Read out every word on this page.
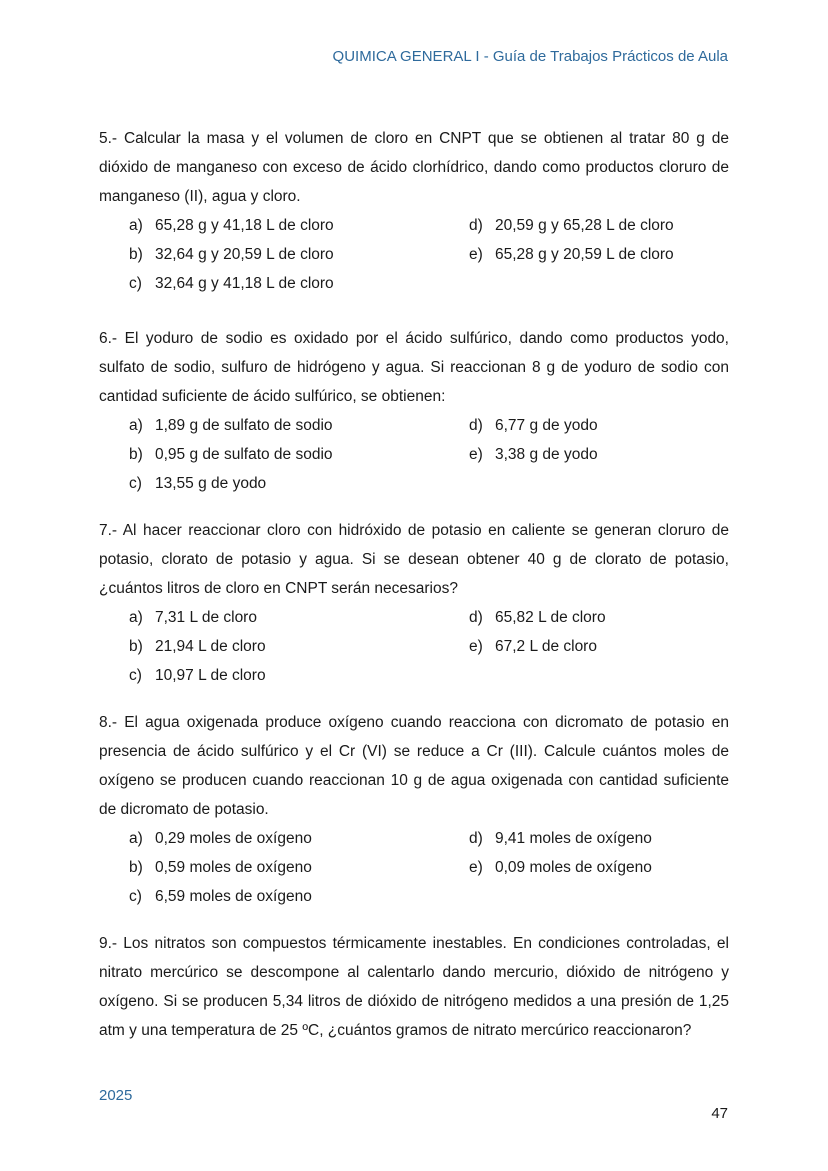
QUIMICA GENERAL I - Guía de Trabajos Prácticos de Aula

5.- Calcular la masa y el volumen de cloro en CNPT que se obtienen al tratar 80 g de dióxido de manganeso con exceso de ácido clorhídrico, dando como productos cloruro de manganeso (II), agua y cloro.

a) 65,28 g y 41,18 L de cloro
b) 32,64 g y 20,59 L de cloro
c) 32,64 g y 41,18 L de cloro
d) 20,59 g y 65,28 L de cloro
e) 65,28 g y 20,59 L de cloro

6.- El yoduro de sodio es oxidado por el ácido sulfúrico, dando como productos yodo, sulfato de sodio, sulfuro de hidrógeno y agua. Si reaccionan 8 g de yoduro de sodio con cantidad suficiente de ácido sulfúrico, se obtienen:

a) 1,89 g de sulfato de sodio
b) 0,95 g de sulfato de sodio
c) 13,55 g de yodo
d) 6,77 g de yodo
e) 3,38 g de yodo

7.- Al hacer reaccionar cloro con hidróxido de potasio en caliente se generan cloruro de potasio, clorato de potasio y agua. Si se desean obtener 40 g de clorato de potasio, ¿cuántos litros de cloro en CNPT serán necesarios?

a) 7,31 L de cloro
b) 21,94 L de cloro
c) 10,97 L de cloro
d) 65,82 L de cloro
e) 67,2 L de cloro

8.- El agua oxigenada produce oxígeno cuando reacciona con dicromato de potasio en presencia de ácido sulfúrico y el Cr (VI) se reduce a Cr (III). Calcule cuántos moles de oxígeno se producen cuando reaccionan 10 g de agua oxigenada con cantidad suficiente de dicromato de potasio.

a) 0,29 moles de oxígeno
b) 0,59 moles de oxígeno
c) 6,59 moles de oxígeno
d) 9,41 moles de oxígeno
e) 0,09 moles de oxígeno

9.- Los nitratos son compuestos térmicamente inestables. En condiciones controladas, el nitrato mercúrico se descompone al calentarlo dando mercurio, dióxido de nitrógeno y oxígeno. Si se producen 5,34 litros de dióxido de nitrógeno medidos a una presión de 1,25 atm y una temperatura de 25 ºC, ¿cuántos gramos de nitrato mercúrico reaccionaron?

2025
47
